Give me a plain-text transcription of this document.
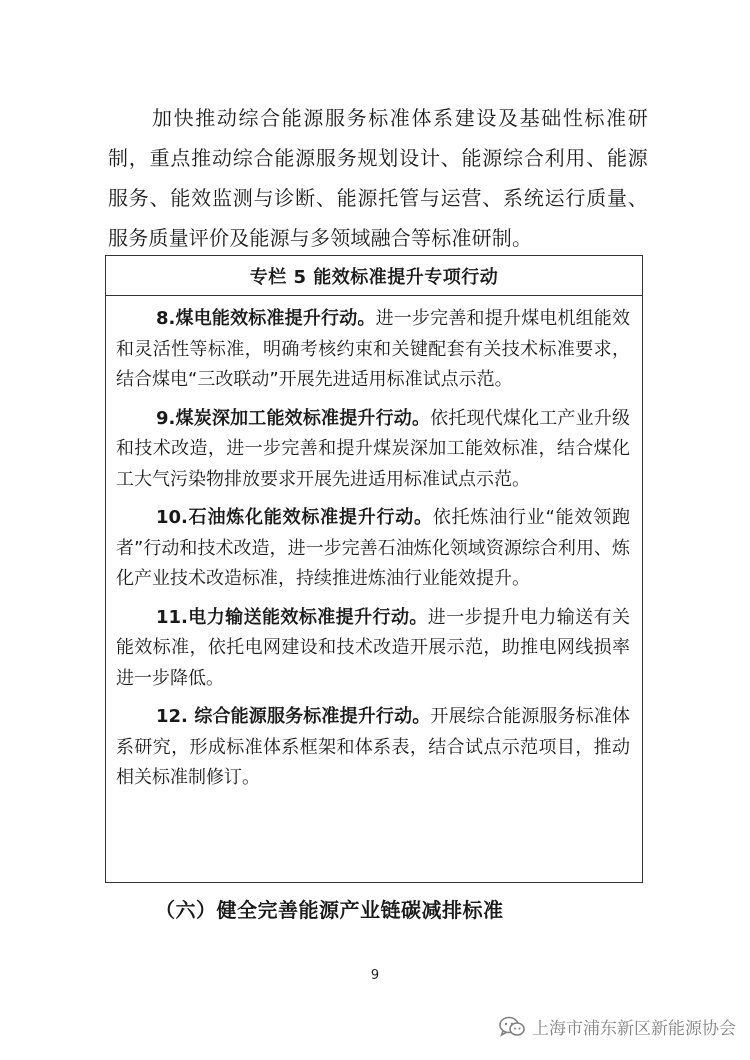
加快推动综合能源服务标准体系建设及基础性标准研制，重点推动综合能源服务规划设计、能源综合利用、能源服务、能效监测与诊断、能源托管与运营、系统运行质量、服务质量评价及能源与多领域融合等标准研制。

专栏 5 能效标准提升专项行动

8.煤电能效标准提升行动。进一步完善和提升煤电机组能效和灵活性等标准，明确考核约束和关键配套有关技术标准要求，结合煤电“三改联动”开展先进适用标准试点示范。

9.煤炭深加工能效标准提升行动。依托现代煤化工产业升级和技术改造，进一步完善和提升煤炭深加工能效标准，结合煤化工大气污染物排放要求开展先进适用标准试点示范。

10.石油炼化能效标准提升行动。依托炼油行业“能效领跑者”行动和技术改造，进一步完善石油炼化领域资源综合利用、炼化产业技术改造标准，持续推进炼油行业能效提升。

11.电力输送能效标准提升行动。进一步提升电力输送有关能效标准，依托电网建设和技术改造开展示范，助推电网线损率进一步降低。

12. 综合能源服务标准提升行动。开展综合能源服务标准体系研究，形成标准体系框架和体系表，结合试点示范项目，推动相关标准制修订。

（六）健全完善能源产业链碳减排标准
9
上海市浦东新区新能源协会
